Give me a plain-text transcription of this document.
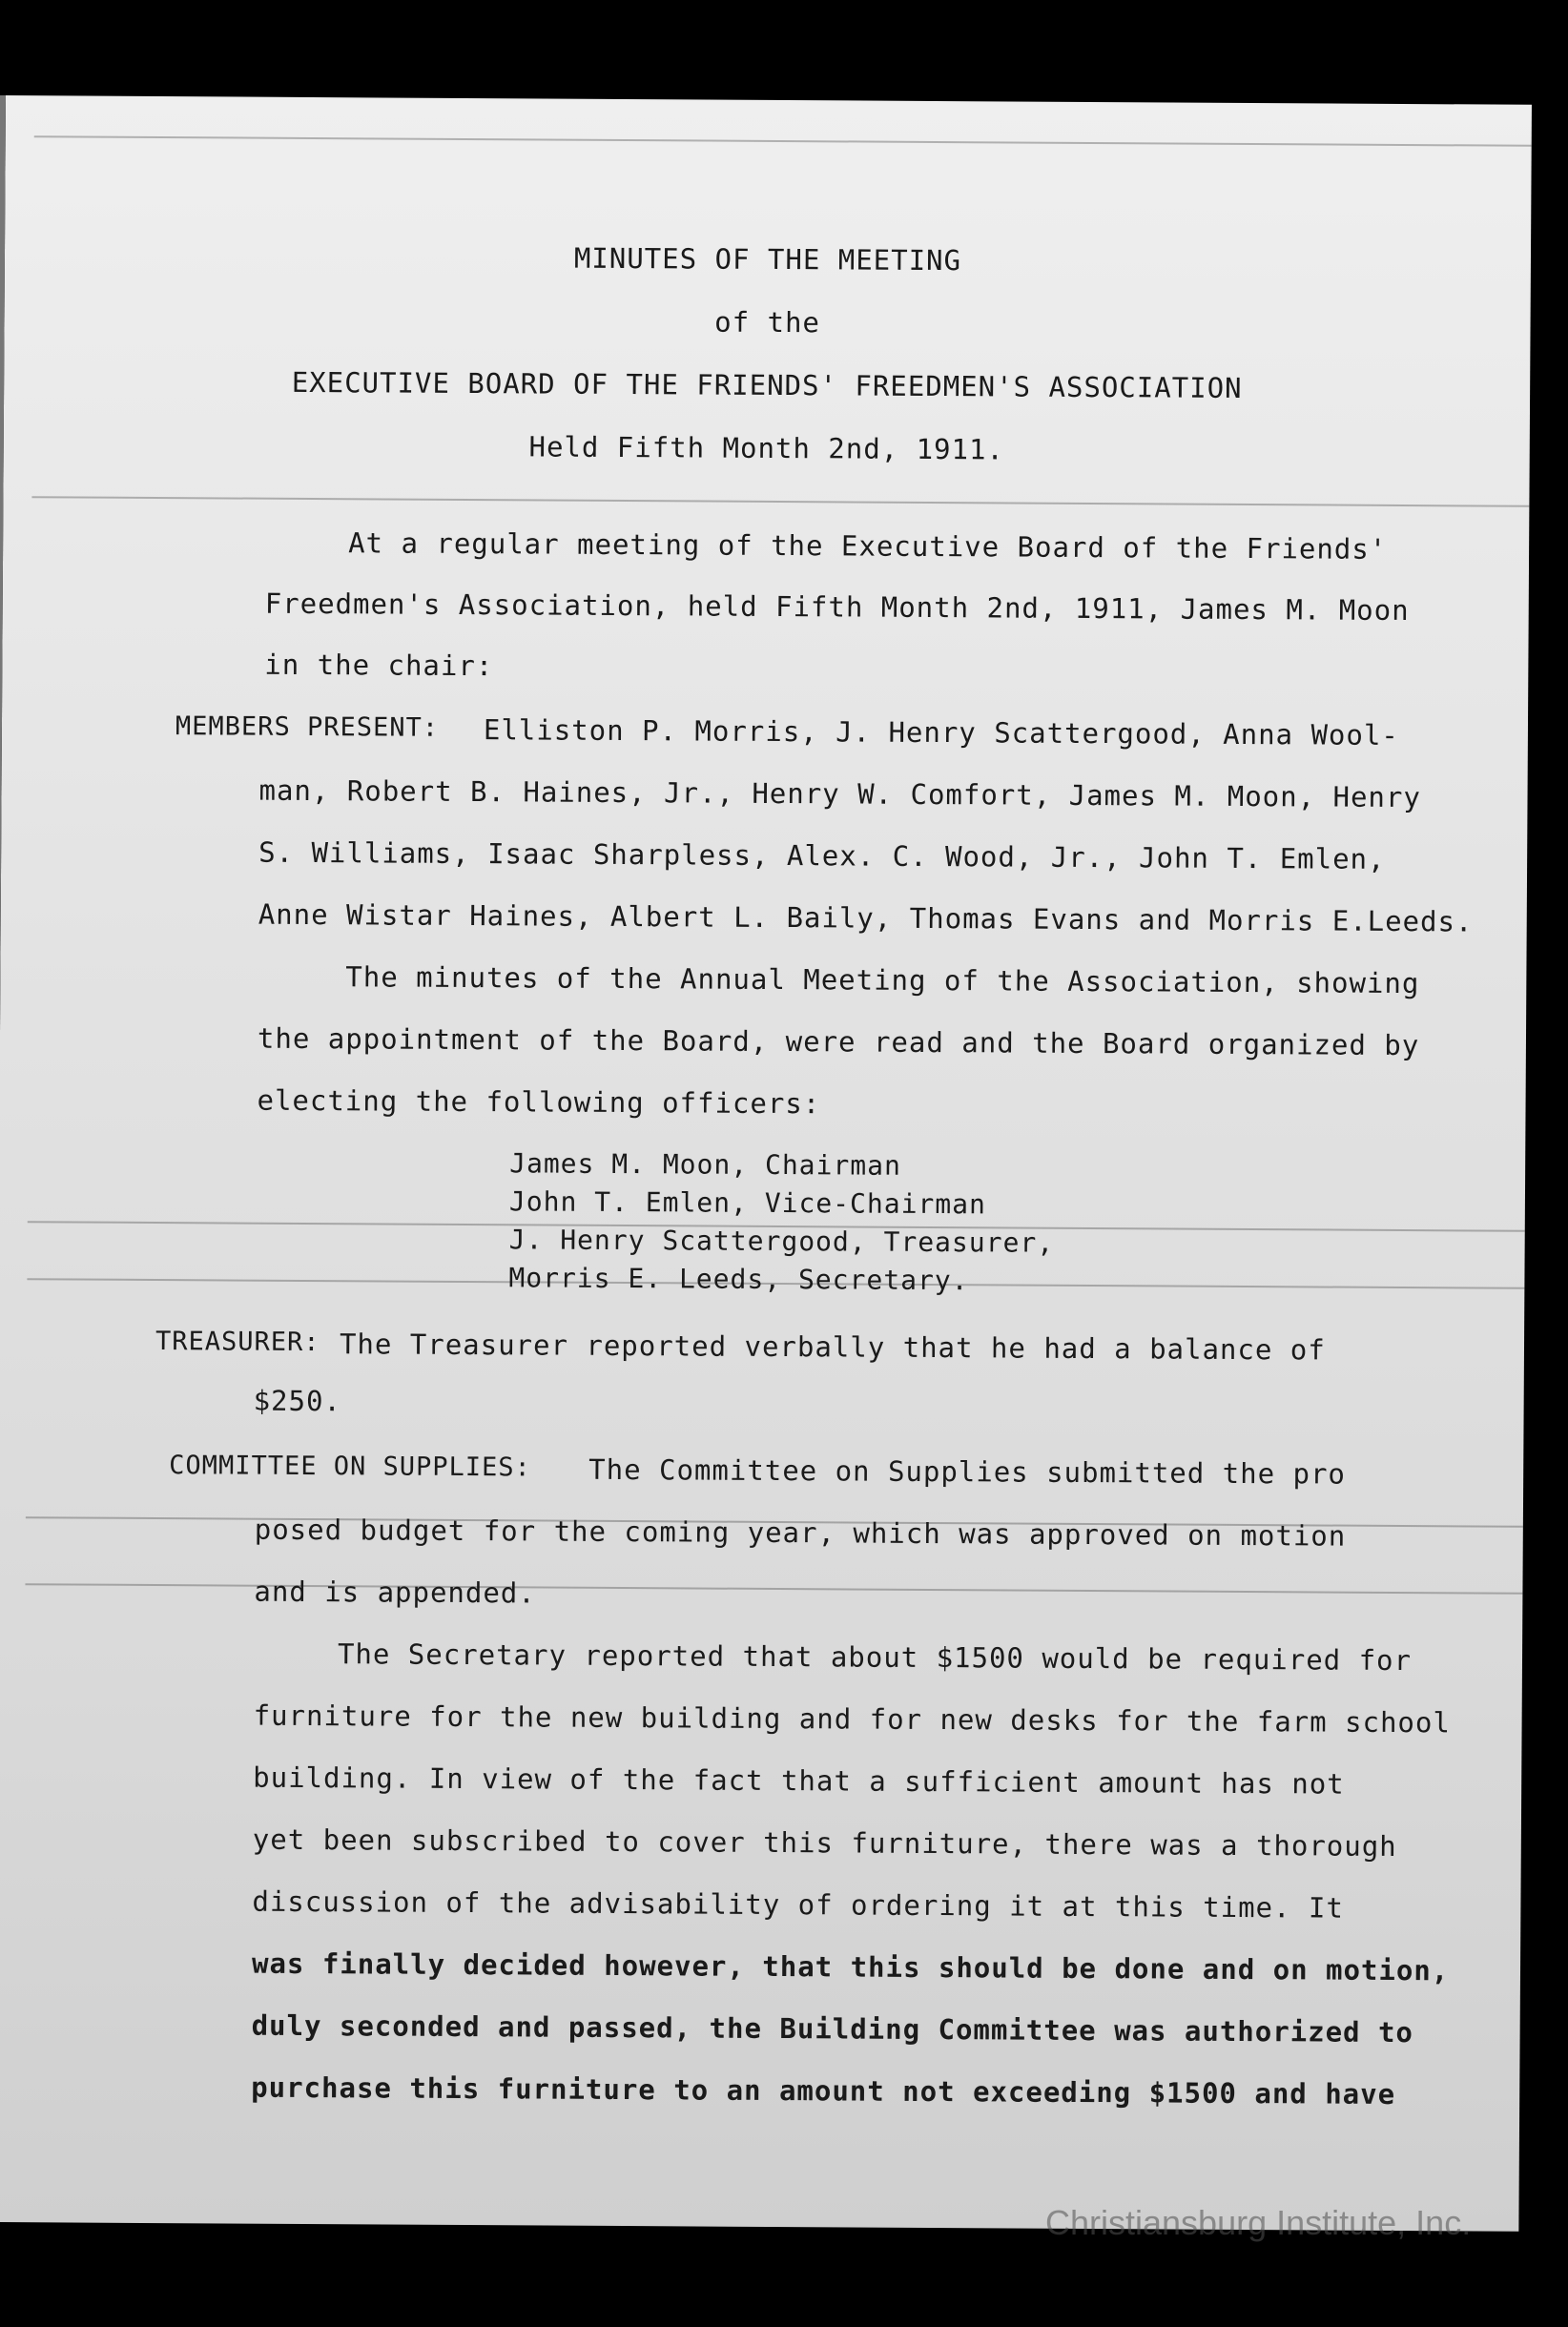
MINUTES OF THE MEETING
of the
EXECUTIVE BOARD OF THE FRIENDS' FREEDMEN'S ASSOCIATION
Held Fifth Month 2nd, 1911.
At a regular meeting of the Executive Board of the Friends'
Freedmen's Association, held Fifth Month 2nd, 1911, James M. Moon
in the chair:
MEMBERS PRESENT: Elliston P. Morris, J. Henry Scattergood, Anna Wool-
man, Robert B. Haines, Jr., Henry W. Comfort, James M. Moon, Henry
S. Williams, Isaac Sharpless, Alex. C. Wood, Jr., John T. Emlen,
Anne Wistar Haines, Albert L. Baily, Thomas Evans and Morris E.Leeds.
The minutes of the Annual Meeting of the Association, showing
the appointment of the Board, were read and the Board organized by
electing the following officers:
James M. Moon, Chairman
John T. Emlen, Vice-Chairman
J. Henry Scattergood, Treasurer,
Morris E. Leeds, Secretary.
TREASURER: The Treasurer reported verbally that he had a balance of
$250.
COMMITTEE ON SUPPLIES: The Committee on Supplies submitted the pro
posed budget for the coming year, which was approved on motion
and is appended.
The Secretary reported that about $1500 would be required for
furniture for the new building and for new desks for the farm school
building. In view of the fact that a sufficient amount has not
yet been subscribed to cover this furniture, there was a thorough
discussion of the advisability of ordering it at this time. It
was finally decided however, that this should be done and on motion,
duly seconded and passed, the Building Committee was authorized to
purchase this furniture to an amount not exceeding $1500 and have
Christiansburg Institute, Inc.
